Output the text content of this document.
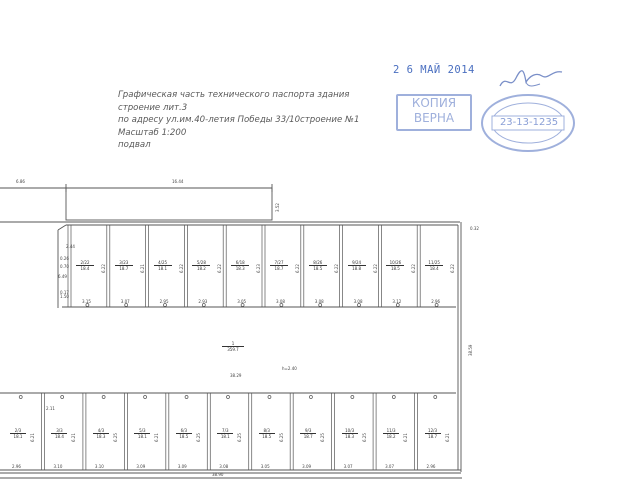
Графическая часть технического паспорта здания
строение лит.3
по адресу ул.им.40-летия Победы 33/10строение №1
Масштаб 1:200
подвал
2 6 МАЙ 2014
КОПИЯ
ВЕРНА	23-13-1235
6.86	16.44
3.52
38.59
0.32
1
359.7
38.29
h=2.40
2/22
18.4
3.15
6.22
3/23
18.7
3.07
6.21
4/25
18.1
2.95
6.22
5/28
18.2
2.93
6.22
6/18
18.3
3.05
6.23
7/27
18.7
3.08
6.22
8/26
18.5
3.08
6.22
9/24
18.8
3.08
6.22
10/26
18.5
3.12
6.22
11/25
18.4
2.96
6.22
2/3
18.1
2.96
6.21
3/3
18.4
3.10
6.21
4/3
18.3
3.10
6.25
5/3
18.1
3.09
6.21
6/3
18.5
3.09
6.25
7/3
18.1
3.08
6.25
8/3
18.5
3.05
6.25
9/3
18.7
3.09
6.25
10/3
18.3
3.07
6.25
11/3
18.2
3.07
6.21
12/3
18.7
2.96
6.21
0.26
0.70
1.50
0.17
6.49
2.44
2.11
38.90
